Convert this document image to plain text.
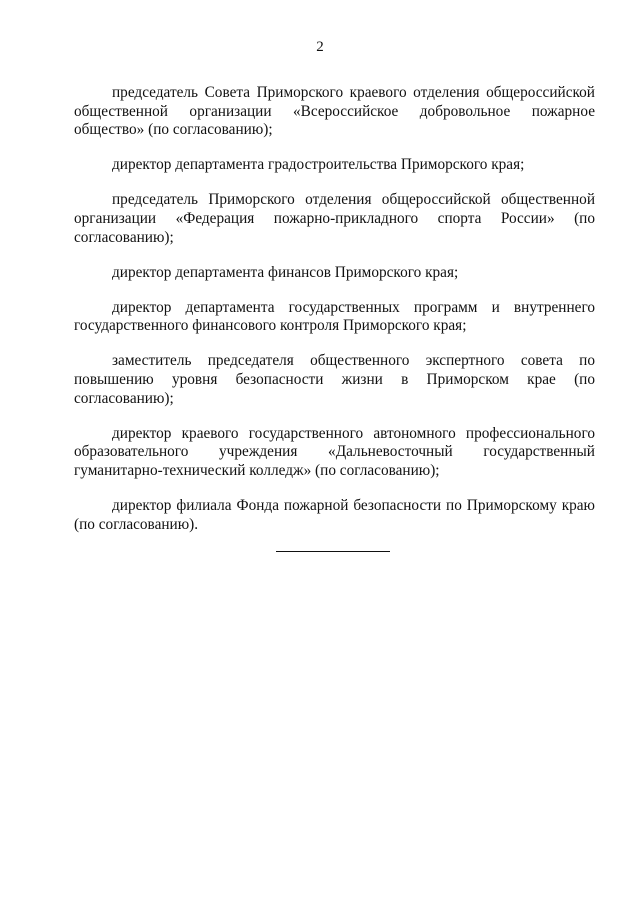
2

председатель Совета Приморского краевого отделения общероссийской общественной организации «Всероссийское добровольное пожарное общество» (по согласованию);

директор департамента градостроительства Приморского края;

председатель Приморского отделения общероссийской общественной организации «Федерация пожарно-прикладного спорта России» (по согласованию);

директор департамента финансов Приморского края;

директор департамента государственных программ и внутреннего государственного финансового контроля Приморского края;

заместитель председателя общественного экспертного совета по повышению уровня безопасности жизни в Приморском крае (по согласованию);

директор краевого государственного автономного профессионального образовательного учреждения «Дальневосточный государственный гуманитарно-технический колледж» (по согласованию);

директор филиала Фонда пожарной безопасности по Приморскому краю (по согласованию).
